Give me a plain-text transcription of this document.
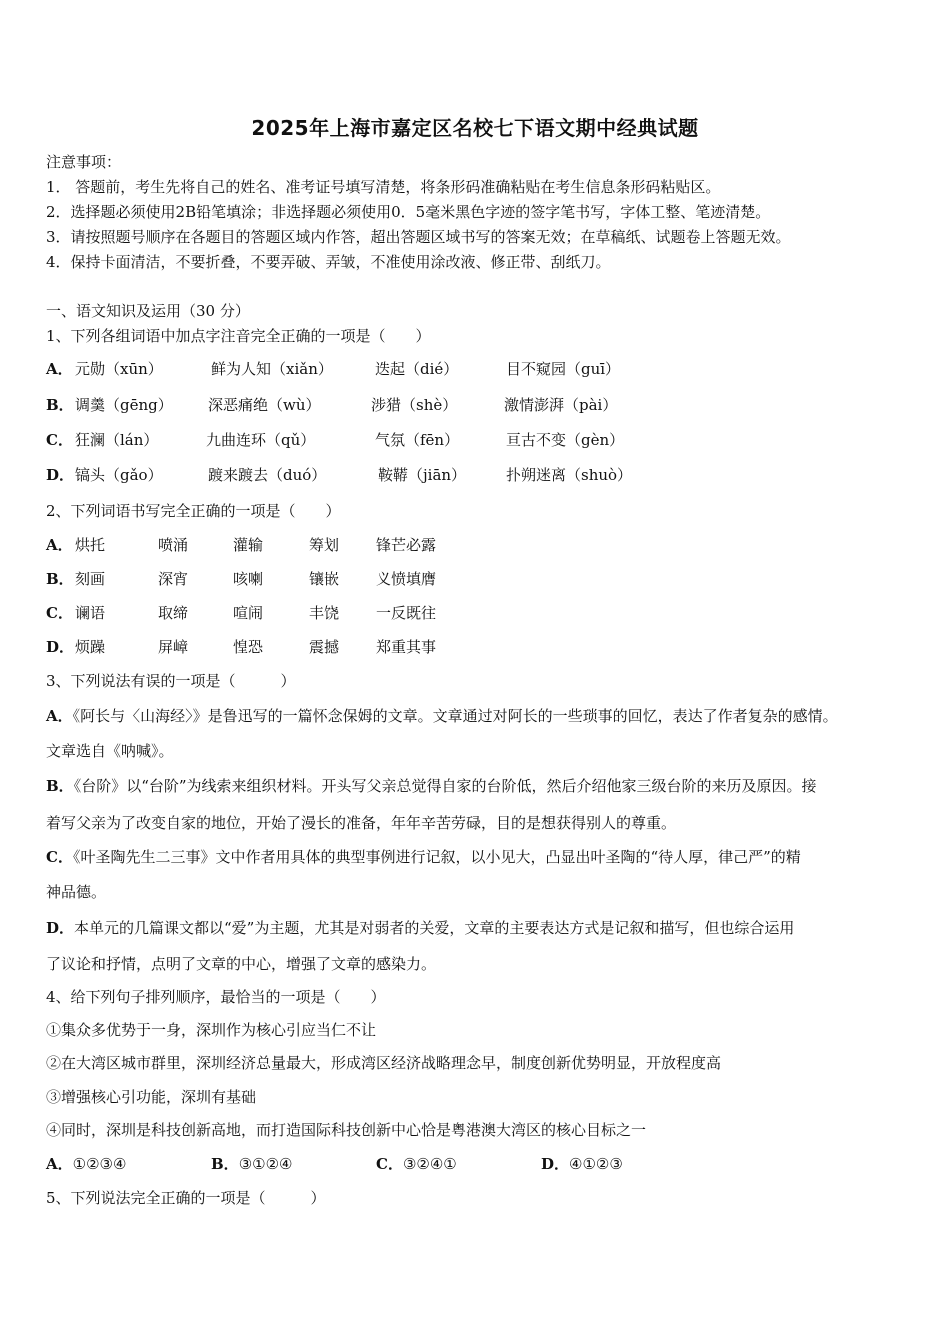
2025年上海市嘉定区名校七下语文期中经典试题
注意事项：
1． 答题前，考生先将自己的姓名、准考证号填写清楚，将条形码准确粘贴在考生信息条形码粘贴区。
2．选择题必须使用2B铅笔填涂；非选择题必须使用0．5毫米黑色字迹的签字笔书写，字体工整、笔迹清楚。
3．请按照题号顺序在各题目的答题区域内作答，超出答题区域书写的答案无效；在草稿纸、试题卷上答题无效。
4．保持卡面清洁，不要折叠，不要弄破、弄皱，不准使用涂改液、修正带、刮纸刀。
一、语文知识及运用（30 分）
1、下列各组词语中加点字注音完全正确的一项是（　　）
A． 元勋（xūn）	鲜为人知（xiǎn）	迭起（dié）	目不窥园（guī）
B． 调羹（gēng） 深恶痛绝（wù）	涉猎（shè）	激情澎湃（pài）
C． 狂澜（lán）	九曲连环（qǔ）	气氛（fēn）	亘古不变（gèn）
D． 镐头（gǎo）	踱来踱去（duó）	鞍鞯（jiān）	扑朔迷离（shuò）
2、下列词语书写完全正确的一项是（　　）
A． 烘托	喷涌	灌输	筹划 锋芒必露
B． 刻画	深宵	咳喇	镶嵌 义愤填膺
C． 谰语	取缔	喧闹	丰饶 一反既往
D． 烦躁	屏嶂	惶恐	震撼 郑重其事
3、下列说法有误的一项是（　　　）
A．《阿长与〈山海经〉》是鲁迅写的一篇怀念保姆的文章。文章通过对阿长的一些琐事的回忆，表达了作者复杂的感情。
文章选自《呐喊》。
B．《台阶》以“台阶”为线索来组织材料。开头写父亲总觉得自家的台阶低，然后介绍他家三级台阶的来历及原因。接
着写父亲为了改变自家的地位，开始了漫长的准备，年年辛苦劳碌，目的是想获得别人的尊重。
C．《叶圣陶先生二三事》文中作者用具体的典型事例进行记叙，以小见大，凸显出叶圣陶的“待人厚，律己严”的精
神品德。
D．本单元的几篇课文都以“爱”为主题，尤其是对弱者的关爱，文章的主要表达方式是记叙和描写，但也综合运用
了议论和抒情，点明了文章的中心，增强了文章的感染力。
4、给下列句子排列顺序，最恰当的一项是（　　）
①集众多优势于一身，深圳作为核心引应当仁不让
②在大湾区城市群里，深圳经济总量最大，形成湾区经济战略理念早，制度创新优势明显，开放程度高
③增强核心引功能，深圳有基础
④同时，深圳是科技创新高地，而打造国际科技创新中心恰是粤港澳大湾区的核心目标之一
A．①②③④	B．③①②④	C．③②④①	D．④①②③
5、下列说法完全正确的一项是（　　　）
